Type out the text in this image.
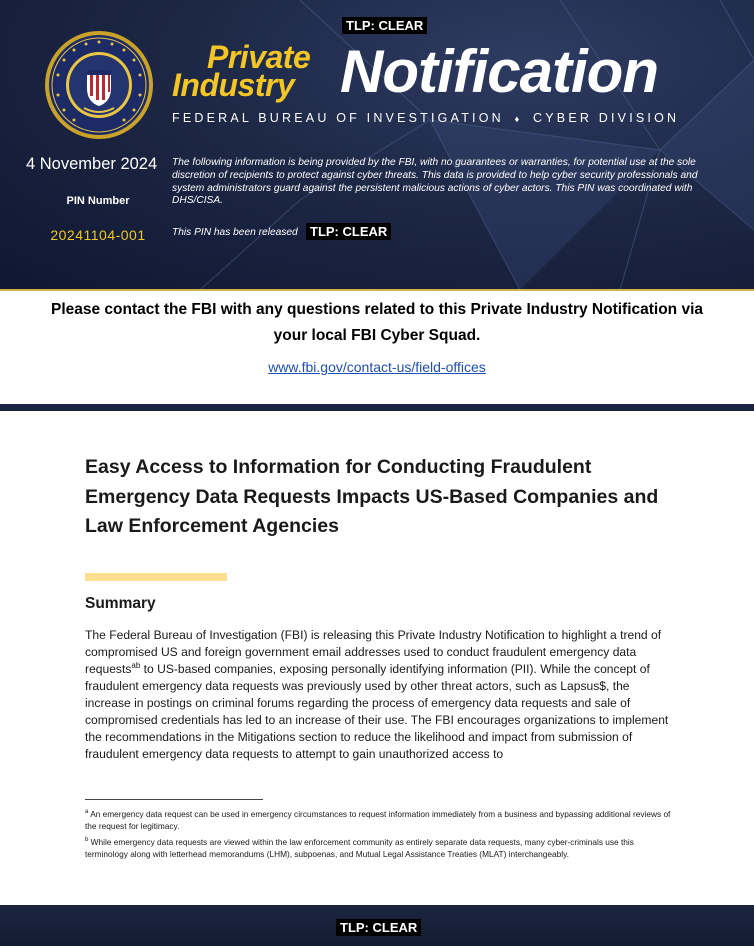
TLP: CLEAR
Private
Industry Notification
FEDERAL BUREAU OF INVESTIGATION ♦ CYBER DIVISION
4 November 2024
PIN Number
20241104-001
The following information is being provided by the FBI, with no guarantees or warranties, for potential use at the sole discretion of recipients to protect against cyber threats. This data is provided to help cyber security professionals and system administrators guard against the persistent malicious actions of cyber actors. This PIN was coordinated with DHS/CISA.
This PIN has been released TLP: CLEAR
Please contact the FBI with any questions related to this Private Industry Notification via your local FBI Cyber Squad.
www.fbi.gov/contact-us/field-offices
Easy Access to Information for Conducting Fraudulent Emergency Data Requests Impacts US-Based Companies and Law Enforcement Agencies
Summary
The Federal Bureau of Investigation (FBI) is releasing this Private Industry Notification to highlight a trend of compromised US and foreign government email addresses used to conduct fraudulent emergency data requests$^{ab}$ to US-based companies, exposing personally identifying information (PII). While the concept of fraudulent emergency data requests was previously used by other threat actors, such as Lapsus$, the increase in postings on criminal forums regarding the process of emergency data requests and sale of compromised credentials has led to an increase of their use. The FBI encourages organizations to implement the recommendations in the Mitigations section to reduce the likelihood and impact from submission of fraudulent emergency data requests to attempt to gain unauthorized access to
$^a$ An emergency data request can be used in emergency circumstances to request information immediately from a business and bypassing additional reviews of the request for legitimacy.
$^b$ While emergency data requests are viewed within the law enforcement community as entirely separate data requests, many cyber-criminals use this terminology along with letterhead memorandums (LHM), subpoenas, and Mutual Legal Assistance Treaties (MLAT) interchangeably.
TLP: CLEAR
